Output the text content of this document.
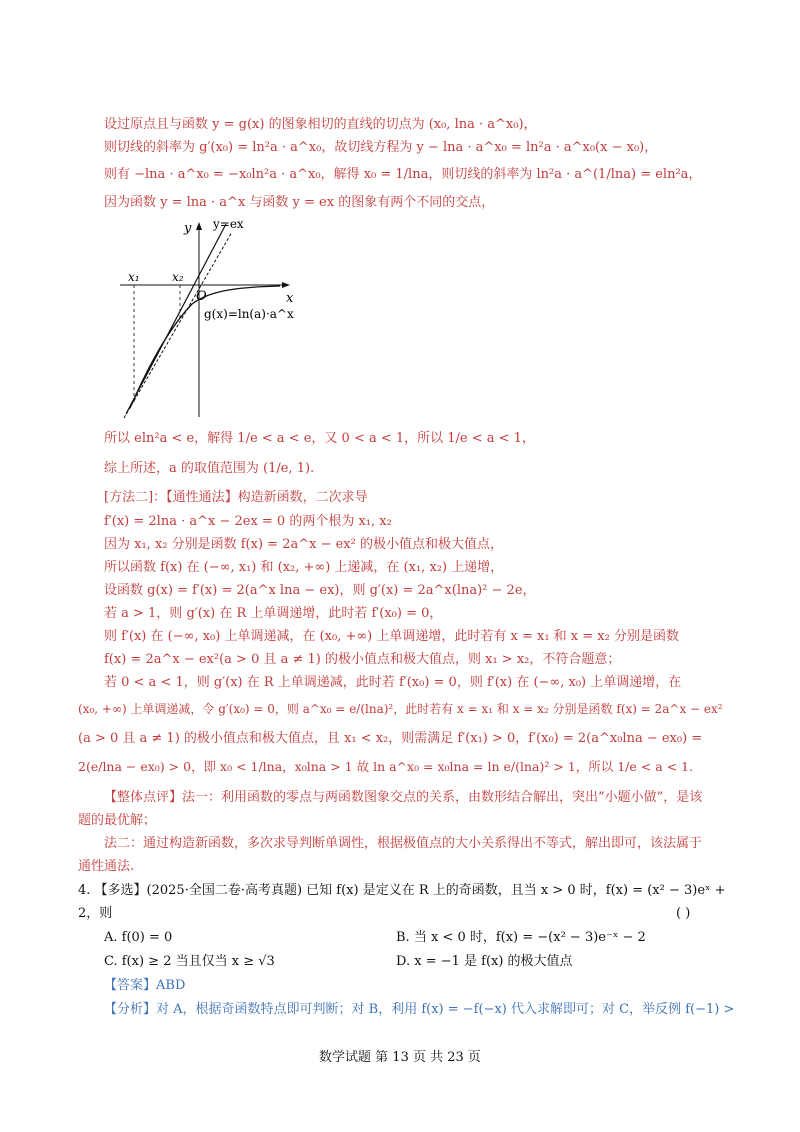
设过原点且与函数 y = g(x) 的图象相切的直线的切点为 (x₀, lna · a^x₀)，
则切线的斜率为 g′(x₀) = ln²a · a^x₀，故切线方程为 y − lna · a^x₀ = ln²a · a^x₀(x − x₀)，
则有 −lna · a^x₀ = −x₀ln²a · a^x₀，解得 x₀ = 1/lna，则切线的斜率为 ln²a · a^(1/lna) = eln²a，
因为函数 y = lna · a^x 与函数 y = ex 的图象有两个不同的交点，
y
x
O
y=ex
g(x)=ln(a)·a^x
x₁	x₂
所以 eln²a < e，解得 1/e < a < e，又 0 < a < 1，所以 1/e < a < 1，
综上所述，a 的取值范围为 (1/e, 1).
[方法二]：【通性通法】构造新函数，二次求导
f′(x) = 2lna · a^x − 2ex = 0 的两个根为 x₁, x₂
因为 x₁, x₂ 分别是函数 f(x) = 2a^x − ex² 的极小值点和极大值点，
所以函数 f(x) 在 (−∞, x₁) 和 (x₂, +∞) 上递减，在 (x₁, x₂) 上递增，
设函数 g(x) = f′(x) = 2(a^x lna − ex)，则 g′(x) = 2a^x(lna)² − 2e，
若 a > 1，则 g′(x) 在 R 上单调递增，此时若 f′(x₀) = 0，
则 f′(x) 在 (−∞, x₀) 上单调递减，在 (x₀, +∞) 上单调递增，此时若有 x = x₁ 和 x = x₂ 分别是函数
f(x) = 2a^x − ex²(a > 0 且 a ≠ 1) 的极小值点和极大值点，则 x₁ > x₂，不符合题意；
若 0 < a < 1，则 g′(x) 在 R 上单调递减，此时若 f′(x₀) = 0，则 f′(x) 在 (−∞, x₀) 上单调递增，在
(x₀, +∞) 上单调递减，令 g′(x₀) = 0，则 a^x₀ = e/(lna)²，此时若有 x = x₁ 和 x = x₂ 分别是函数 f(x) = 2a^x − ex²
(a > 0 且 a ≠ 1) 的极小值点和极大值点，且 x₁ < x₂，则需满足 f′(x₁) > 0，f′(x₀) = 2(a^x₀lna − ex₀) =
2(e/lna − ex₀) > 0，即 x₀ < 1/lna，x₀lna > 1 故 ln a^x₀ = x₀lna = ln e/(lna)² > 1，所以 1/e < a < 1.
【整体点评】法一：利用函数的零点与两函数图象交点的关系，由数形结合解出，突出“小题小做”，是该
题的最优解；
法二：通过构造新函数，多次求导判断单调性，根据极值点的大小关系得出不等式，解出即可，该法属于
通性通法.
4. 【多选】(2025·全国二卷·高考真题) 已知 f(x) 是定义在 R 上的奇函数，且当 x > 0 时，f(x) = (x² − 3)eˣ +
2，则	( )
A. f(0) = 0	B. 当 x < 0 时，f(x) = −(x² − 3)e⁻ˣ − 2
C. f(x) ≥ 2 当且仅当 x ≥ √3	D. x = −1 是 f(x) 的极大值点
【答案】ABD
【分析】对 A，根据奇函数特点即可判断；对 B，利用 f(x) = −f(−x) 代入求解即可；对 C，举反例 f(−1) >
数学试题 第 13 页 共 23 页
